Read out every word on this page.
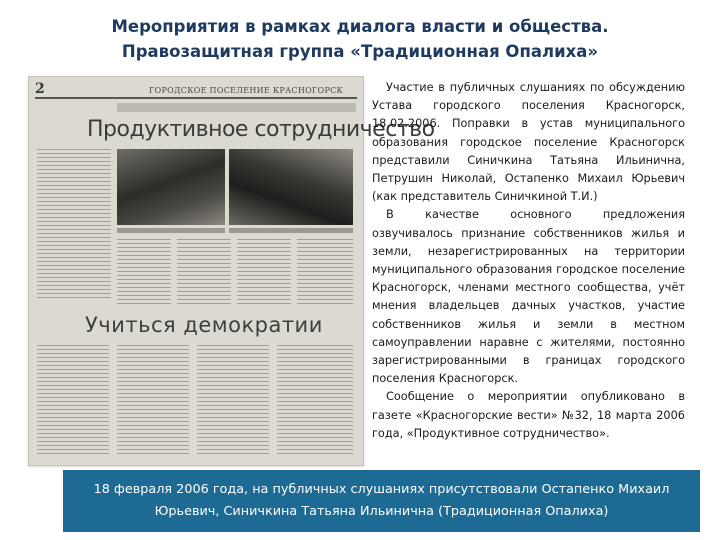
Мероприятия в рамках диалога власти и общества.
Правозащитная группа «Традиционная Опалиха»
2	ГОРОДСКОЕ ПОСЕЛЕНИЕ КРАСНОГОРСК
Продуктивное сотрудничество
Учиться демократии

Участие в публичных слушаниях по обсуждению Устава городского поселения Красногорск, 18.02.2006. Поправки в устав муниципального образования городское поселение Красногорск представили Синичкина Татьяна Ильинична, Петрушин Николай, Остапенко Михаил Юрьевич (как представитель Синичкиной Т.И.)

В качестве основного предложения озвучивалось признание собственников жилья и земли, незарегистрированных на территории муниципального образования городское поселение Красногорск, членами местного сообщества, учёт мнения владельцев дачных участков, участие собственников жилья и земли в местном самоуправлении наравне с жителями, постоянно зарегистрированными в границах городского поселения Красногорск.

Сообщение о мероприятии опубликовано в газете «Красногорские вести» №32, 18 марта 2006 года, «Продуктивное сотрудничество».

18 февраля 2006 года, на публичных слушаниях присутствовали Остапенко Михаил
Юрьевич, Синичкина Татьяна Ильинична (Традиционная Опалиха)
